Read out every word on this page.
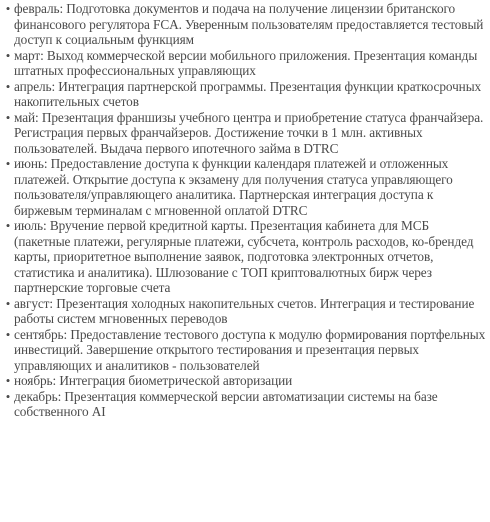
• февраль: Подготовка документов и подача на получение лицензии британского финансового регулятора FCA. Уверенным пользователям предоставляется тестовый доступ к социальным функциям
• март: Выход коммерческой версии мобильного приложения. Презентация команды штатных профессиональных управляющих
• апрель: Интеграция партнерской программы. Презентация функции краткосрочных накопительных счетов
• май: Презентация франшизы учебного центра и приобретение статуса франчайзера. Регистрация первых франчайзеров. Достижение точки в 1 млн. активных пользователей. Выдача первого ипотечного займа в DTRC
• июнь: Предоставление доступа к функции календаря платежей и отложенных платежей. Открытие доступа к экзамену для получения статуса управляющего пользователя/управляющего аналитика. Партнерская интеграция доступа к биржевым терминалам с мгновенной оплатой DTRC
• июль: Вручение первой кредитной карты. Презентация кабинета для МСБ (пакетные платежи, регулярные платежи, субсчета, контроль расходов, ко-брендед карты, приоритетное выполнение заявок, подготовка электронных отчетов, статистика и аналитика). Шлюзование с ТОП криптовалютных бирж через партнерские торговые счета
• август: Презентация холодных накопительных счетов. Интеграция и тестирование работы систем мгновенных переводов
• сентябрь: Предоставление тестового доступа к модулю формирования портфельных инвестиций. Завершение открытого тестирования и презентация первых управляющих и аналитиков - пользователей
• ноябрь: Интеграция биометрической авторизации
• декабрь: Презентация коммерческой версии автоматизации системы на базе собственного AI
